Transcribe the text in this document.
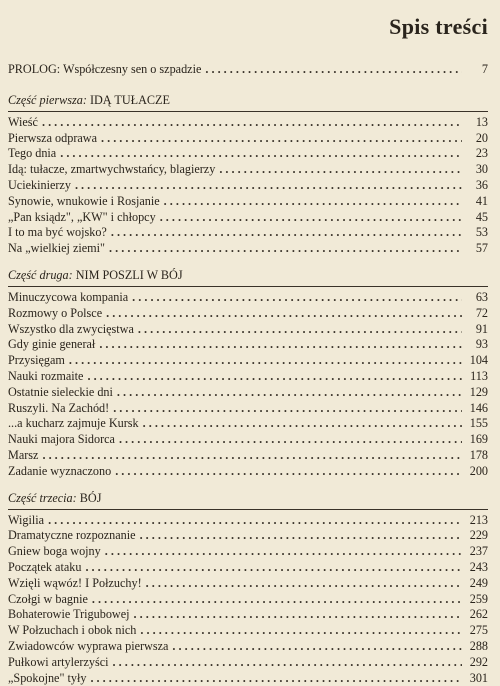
Spis treści
PROLOG: Współczesny sen o szpadzie . . .	7
Część pierwsza: IDĄ TUŁACZE
Wieść . . .	13
Pierwsza odprawa . . .	20
Tego dnia . . .	23
Idą: tułacze, zmartwychwstańcy, blagierzy . . .	30
Uciekinierzy . . .	36
Synowie, wnukowie i Rosjanie . . .	41
„Pan ksiądz", „KW" i chłopcy . . .	45
I to ma być wojsko? . . .	53
Na „wielkiej ziemi" . . .	57
Część druga: NIM POSZLI W BÓJ
Minuczycowa kompania . . .	63
Rozmowy o Polsce . . .	72
Wszystko dla zwycięstwa . . .	91
Gdy ginie generał . . .	93
Przysięgam . . .	104
Nauki rozmaite . . .	113
Ostatnie sieleckie dni . . .	129
Ruszyli. Na Zachód! . . .	146
...a kucharz zajmuje Kursk . . .	155
Nauki majora Sidorca . . .	169
Marsz . . .	178
Zadanie wyznaczono . . .	200
Część trzecia: BÓJ
Wigilia . . .	213
Dramatyczne rozpoznanie . . .	229
Gniew boga wojny . . .	237
Początek ataku . . .	243
Wzięli wąwóz! I Połzuchy! . . .	249
Czołgi w bagnie . . .	259
Bohaterowie Trigubowej . . .	262
W Połzuchach i obok nich . . .	275
Zwiadowców wyprawa pierwsza . . .	288
Pułkowi artylerzyści . . .	292
„Spokojne" tyły . . .	301
